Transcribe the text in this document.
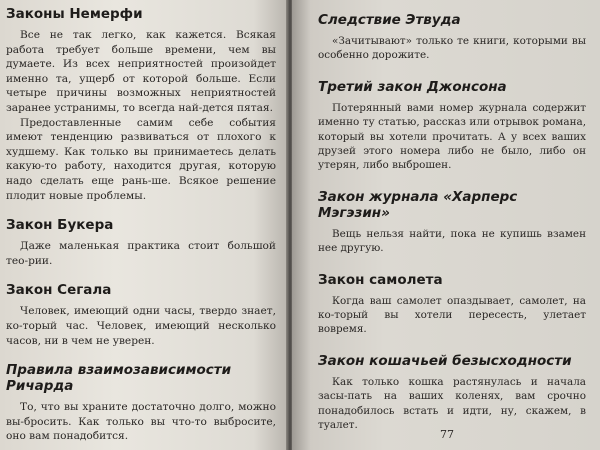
Законы Немерфи

Все не так легко, как кажется. Всякая работа требует больше времени, чем вы думаете. Из всех неприятностей произойдет именно та, ущерб от которой больше. Если четыре причины возможных неприятностей заранее устранимы, то всегда най-дется пятая.

Предоставленные самим себе события имеют тенденцию развиваться от плохого к худшему. Как только вы принимаетесь делать какую-то работу, находится другая, которую надо сделать еще рань-ше. Всякое решение плодит новые проблемы.

Закон Букера

Даже маленькая практика стоит большой тео-рии.

Закон Сегала

Человек, имеющий одни часы, твердо знает, ко-торый час. Человек, имеющий несколько часов, ни в чем не уверен.

Правила взаимозависимости Ричарда

То, что вы храните достаточно долго, можно вы-бросить. Как только вы что-то выбросите, оно вам понадобится.

Следствие Этвуда

«Зачитывают» только те книги, которыми вы особенно дорожите.

Третий закон Джонсона

Потерянный вами номер журнала содержит именно ту статью, рассказ или отрывок романа, который вы хотели прочитать. А у всех ваших друзей этого номера либо не было, либо он утерян, либо выброшен.

Закон журнала «Харперс Мэгэзин»

Вещь нельзя найти, пока не купишь взамен нее другую.

Закон самолета

Когда ваш самолет опаздывает, самолет, на ко-торый вы хотели пересесть, улетает вовремя.

Закон кошачьей безысходности

Как только кошка растянулась и начала засы-пать на ваших коленях, вам срочно понадобилось встать и идти, ну, скажем, в туалет.

77
